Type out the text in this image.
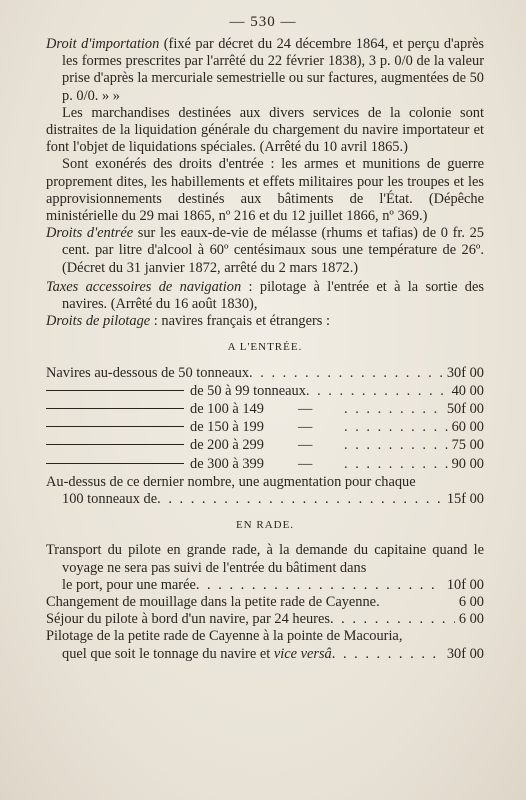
— 530 —

Droit d'importation (fixé par décret du 24 décembre 1864, et perçu d'après les formes prescrites par l'arrêté du 22 février 1838), 3 p. 0/0 de la valeur prise d'après la mercuriale semestrielle ou sur factures, augmentées de 50 p. 0/0. » »

Les marchandises destinées aux divers services de la colonie sont distraites de la liquidation générale du chargement du navire importateur et font l'objet de liquidations spéciales. (Arrêté du 10 avril 1865.)

Sont exonérés des droits d'entrée : les armes et munitions de guerre proprement dites, les habillements et effets militaires pour les troupes et les approvisionnements destinés aux bâtiments de l'État. (Dépêche ministérielle du 29 mai 1865, nº 216 et du 12 juillet 1866, nº 369.)

Droits d'entrée sur les eaux-de-vie de mélasse (rhums et tafias) de 0 fr. 25 cent. par litre d'alcool à 60º centésimaux sous une température de 26º. (Décret du 31 janvier 1872, arrêté du 2 mars 1872.)

Taxes accessoires de navigation : pilotage à l'entrée et à la sortie des navires. (Arrêté du 16 août 1830),

Droits de pilotage : navires français et étrangers :

A L'ENTRÉE.
Navires au-dessous de
50 tonneaux . . .	30f 00
de 50 à 99 tonneaux . . .	40 00
de 100 à 149	— . . .	50f 00
de 150 à 199	— . . .	60 00
de 200 à 299	— . . .	75 00
de 300 à 399	— . . .	90 00

Au-dessus de ce dernier nombre, une augmentation pour chaque

100 tonneaux de . . .	15f 00
EN RADE.

Transport du pilote en grande rade, à la demande du capitaine quand le voyage ne sera pas suivi de l'entrée du bâtiment dans

le port, pour une marée . . .	10f 00
Changement de mouillage dans la petite rade de Cayenne.	6 00
Séjour du pilote à bord d'un navire, par 24 heures . . .	6 00

Pilotage de la petite rade de Cayenne à la pointe de Macouria,

quel que soit le tonnage du navire et vice versâ . . .	30f 00
